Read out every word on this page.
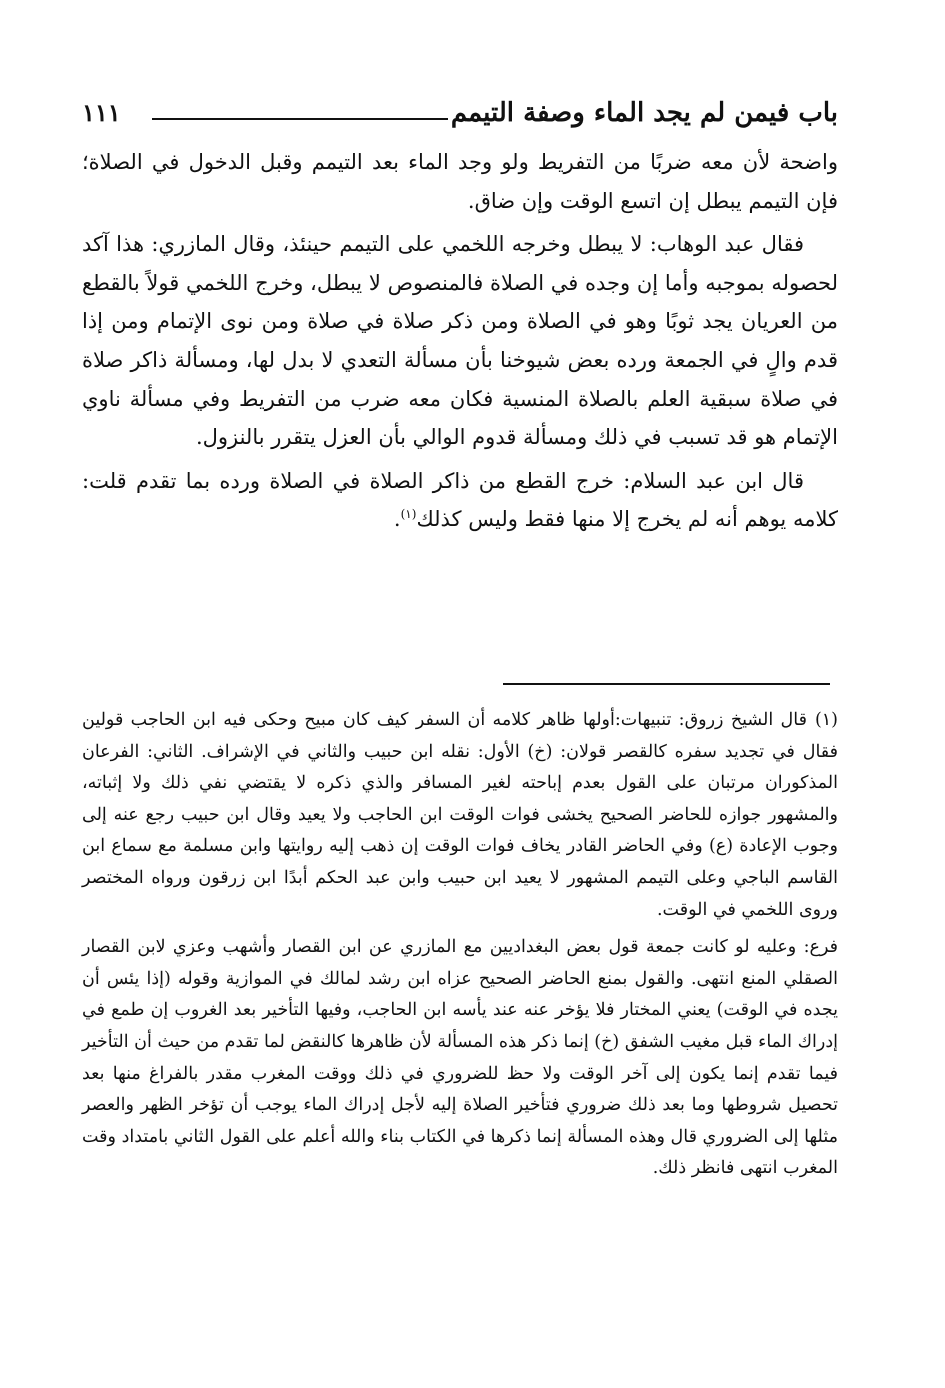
باب فيمن لم يجد الماء وصفة التيمم
١١١

واضحة لأن معه ضربًا من التفريط ولو وجد الماء بعد التيمم وقبل الدخول في الصلاة؛ فإن التيمم يبطل إن اتسع الوقت وإن ضاق.

فقال عبد الوهاب: لا يبطل وخرجه اللخمي على التيمم حينئذ، وقال المازري: هذا آكد لحصوله بموجبه وأما إن وجده في الصلاة فالمنصوص لا يبطل، وخرج اللخمي قولاً بالقطع من العريان يجد ثوبًا وهو في الصلاة ومن ذكر صلاة في صلاة ومن نوى الإتمام ومن إذا قدم والٍ في الجمعة ورده بعض شيوخنا بأن مسألة التعدي لا بدل لها، ومسألة ذاكر صلاة في صلاة سبقية العلم بالصلاة المنسية فكان معه ضرب من التفريط وفي مسألة ناوي الإتمام هو قد تسبب في ذلك ومسألة قدوم الوالي بأن العزل يتقرر بالنزول.

قال ابن عبد السلام: خرج القطع من ذاكر الصلاة في الصلاة ورده بما تقدم قلت: كلامه يوهم أنه لم يخرج إلا منها فقط وليس كذلك$^{(١)}$.

(١)قال الشيخ زروق: تنبيهات:أولها ظاهر كلامه أن السفر كيف كان مبيح وحكى فيه ابن الحاجب قولين فقال في تجديد سفره كالقصر قولان: (خ) الأول: نقله ابن حبيب والثاني في الإشراف. الثاني: الفرعان المذكوران مرتبان على القول بعدم إباحته لغير المسافر والذي ذكره لا يقتضي نفي ذلك ولا إثباته، والمشهور جوازه للحاضر الصحيح يخشى فوات الوقت ابن الحاجب ولا يعيد وقال ابن حبيب رجع عنه إلى وجوب الإعادة (ع) وفي الحاضر القادر يخاف فوات الوقت إن ذهب إليه روايتها وابن مسلمة مع سماع ابن القاسم الباجي وعلى التيمم المشهور لا يعيد ابن حبيب وابن عبد الحكم أبدًا ابن زرقون ورواه المختصر وروى اللخمي في الوقت.

فرع: وعليه لو كانت جمعة قول بعض البغداديين مع المازري عن ابن القصار وأشهب وعزي لابن القصار الصقلي المنع انتهى. والقول بمنع الحاضر الصحيح عزاه ابن رشد لمالك في الموازية وقوله (إذا يئس أن يجده في الوقت) يعني المختار فلا يؤخر عنه عند يأسه ابن الحاجب، وفيها التأخير بعد الغروب إن طمع في إدراك الماء قبل مغيب الشفق (خ) إنما ذكر هذه المسألة لأن ظاهرها كالنقض لما تقدم من حيث أن التأخير فيما تقدم إنما يكون إلى آخر الوقت ولا حظ للضروري في ذلك ووقت المغرب مقدر بالفراغ منها بعد تحصيل شروطها وما بعد ذلك ضروري فتأخير الصلاة إليه لأجل إدراك الماء يوجب أن تؤخر الظهر والعصر مثلها إلى الضروري قال وهذه المسألة إنما ذكرها في الكتاب بناء والله أعلم على القول الثاني بامتداد وقت المغرب انتهى فانظر ذلك.
